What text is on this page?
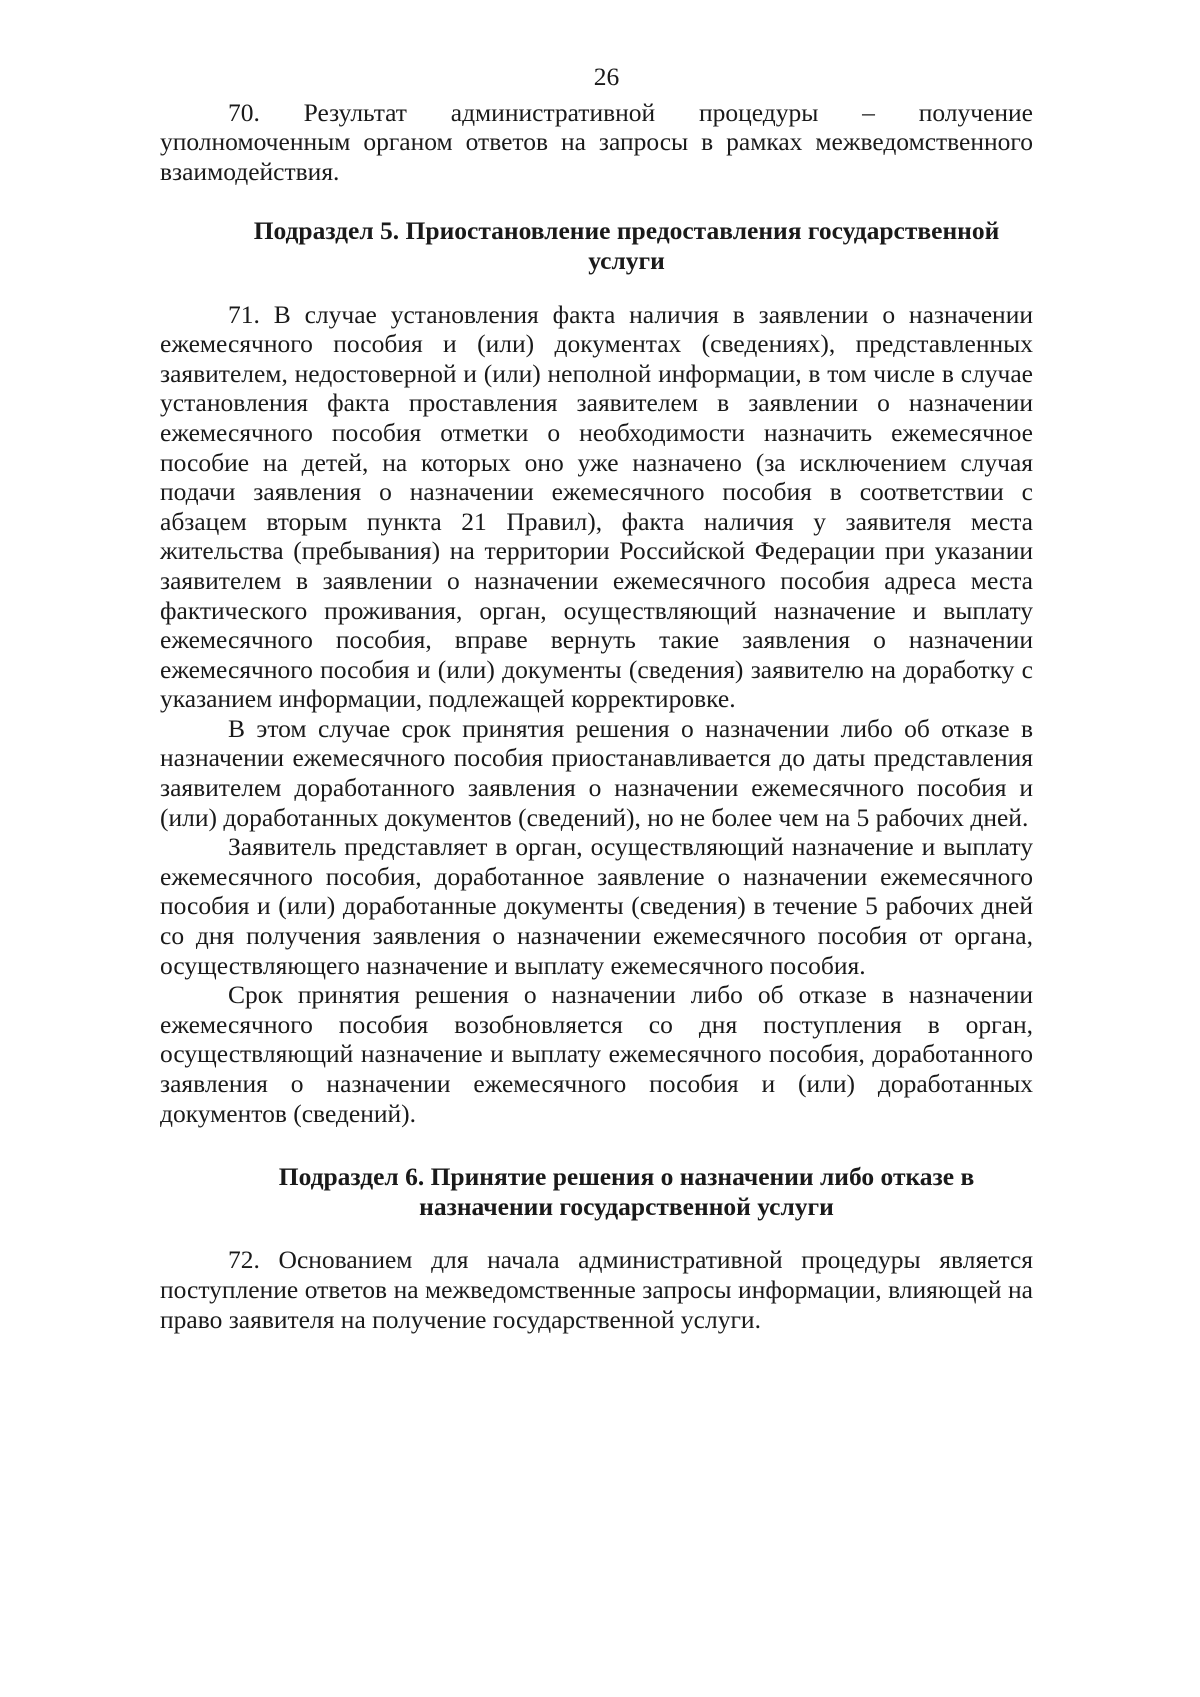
26

70. Результат административной процедуры – получение уполномоченным органом ответов на запросы в рамках межведомственного взаимодействия.

Подраздел 5. Приостановление предоставления государственной услуги

71. В случае установления факта наличия в заявлении о назначении ежемесячного пособия и (или) документах (сведениях), представленных заявителем, недостоверной и (или) неполной информации, в том числе в случае установления факта проставления заявителем в заявлении о назначении ежемесячного пособия отметки о необходимости назначить ежемесячное пособие на детей, на которых оно уже назначено (за исключением случая подачи заявления о назначении ежемесячного пособия в соответствии с абзацем вторым пункта 21 Правил), факта наличия у заявителя места жительства (пребывания) на территории Российской Федерации при указании заявителем в заявлении о назначении ежемесячного пособия адреса места фактического проживания, орган, осуществляющий назначение и выплату ежемесячного пособия, вправе вернуть такие заявления о назначении ежемесячного пособия и (или) документы (сведения) заявителю на доработку с указанием информации, подлежащей корректировке.

В этом случае срок принятия решения о назначении либо об отказе в назначении ежемесячного пособия приостанавливается до даты представления заявителем доработанного заявления о назначении ежемесячного пособия и (или) доработанных документов (сведений), но не более чем на 5 рабочих дней.

Заявитель представляет в орган, осуществляющий назначение и выплату ежемесячного пособия, доработанное заявление о назначении ежемесячного пособия и (или) доработанные документы (сведения) в течение 5 рабочих дней со дня получения заявления о назначении ежемесячного пособия от органа, осуществляющего назначение и выплату ежемесячного пособия.

Срок принятия решения о назначении либо об отказе в назначении ежемесячного пособия возобновляется со дня поступления в орган, осуществляющий назначение и выплату ежемесячного пособия, доработанного заявления о назначении ежемесячного пособия и (или) доработанных документов (сведений).

Подраздел 6. Принятие решения о назначении либо отказе в назначении государственной услуги

72. Основанием для начала административной процедуры является поступление ответов на межведомственные запросы информации, влияющей на право заявителя на получение государственной услуги.
